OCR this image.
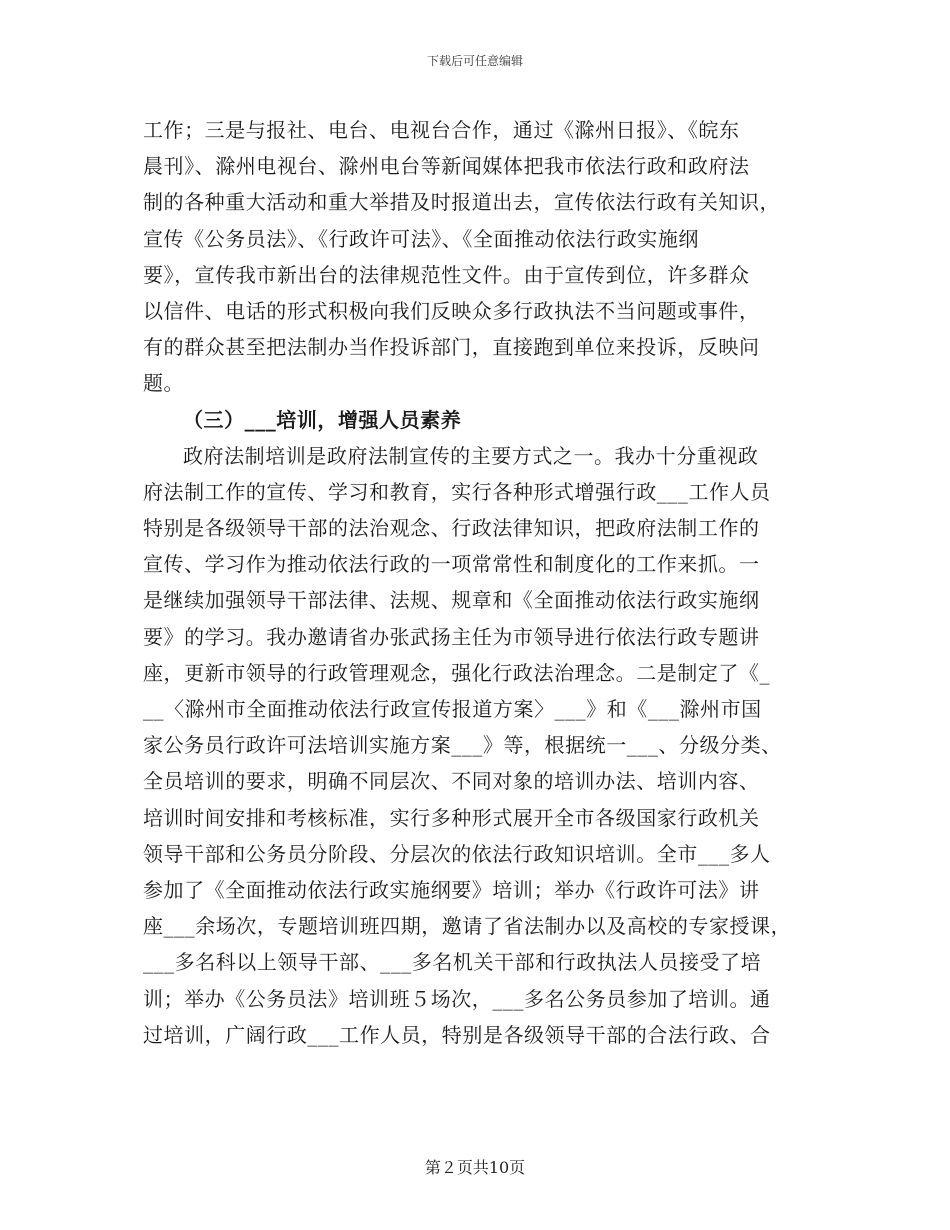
下载后可任意编辑
工作；三是与报社、电台、电视台合作，通过《滁州日报》、《皖东
晨刊》、滁州电视台、滁州电台等新闻媒体把我市依法行政和政府法
制的各种重大活动和重大举措及时报道出去，宣传依法行政有关知识，
宣传《公务员法》、《行政许可法》、《全面推动依法行政实施纲
要》，宣传我市新出台的法律规范性文件。由于宣传到位，许多群众
以信件、电话的形式积极向我们反映众多行政执法不当问题或事件，
有的群众甚至把法制办当作投诉部门，直接跑到单位来投诉，反映问
题。
（三）___培训，增强人员素养
政府法制培训是政府法制宣传的主要方式之一。我办十分重视政
府法制工作的宣传、学习和教育，实行各种形式增强行政___工作人员
特别是各级领导干部的法治观念、行政法律知识，把政府法制工作的
宣传、学习作为推动依法行政的一项常常性和制度化的工作来抓。一
是继续加强领导干部法律、法规、规章和《全面推动依法行政实施纲
要》的学习。我办邀请省办张武扬主任为市领导进行依法行政专题讲
座，更新市领导的行政管理观念，强化行政法治理念。二是制定了《_
__〈滁州市全面推动依法行政宣传报道方案〉___》和《___滁州市国
家公务员行政许可法培训实施方案___》等，根据统一___、分级分类、
全员培训的要求，明确不同层次、不同对象的培训办法、培训内容、
培训时间安排和考核标准，实行多种形式展开全市各级国家行政机关
领导干部和公务员分阶段、分层次的依法行政知识培训。全市___多人
参加了《全面推动依法行政实施纲要》培训；举办《行政许可法》讲
座___余场次，专题培训班四期，邀请了省法制办以及高校的专家授课，
___多名科以上领导干部、___多名机关干部和行政执法人员接受了培
训；举办《公务员法》培训班５场次，___多名公务员参加了培训。通
过培训，广阔行政___工作人员，特别是各级领导干部的合法行政、合
第２页共10页
